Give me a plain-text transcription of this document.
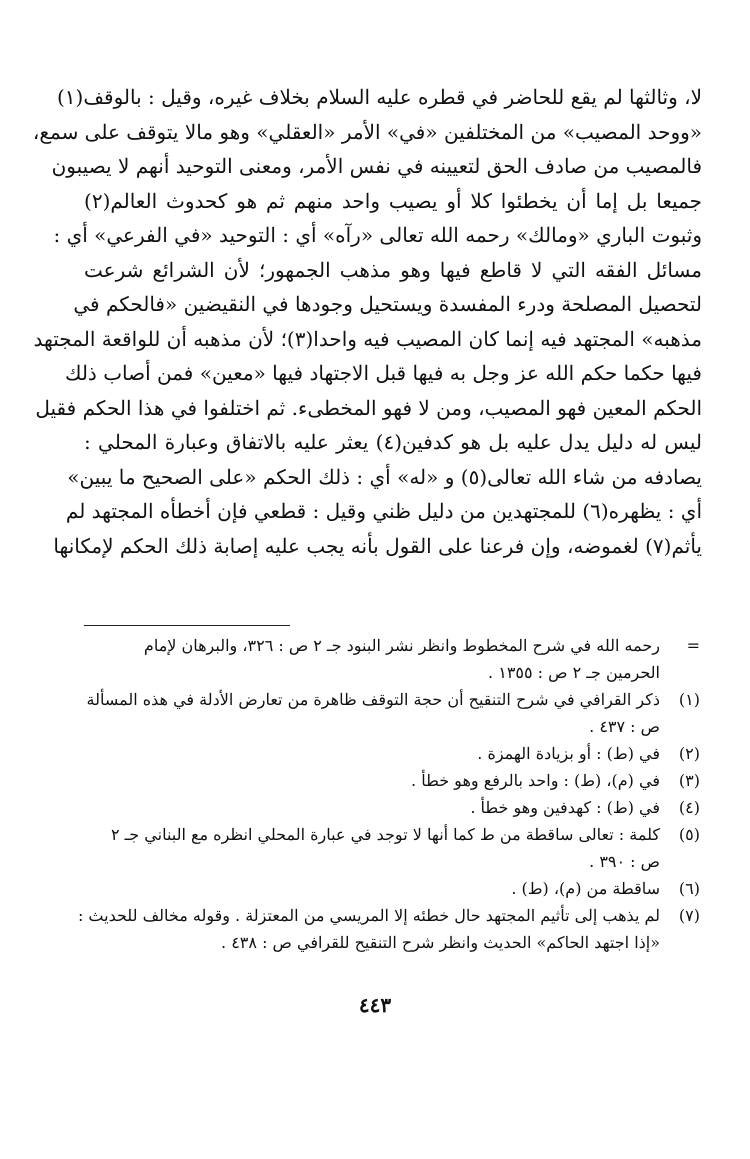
لا، وثالثها لم يقع للحاضر في قطره عليه السلام بخلاف غيره، وقيل : بالوقف(١)
«ووحد المصيب» من المختلفين «في» الأمر «العقلي» وهو مالا يتوقف على سمع،
فالمصيب من صادف الحق لتعيينه في نفس الأمر، ومعنى التوحيد أنهم لا يصيبون
جميعا بل إما أن يخطئوا كلا أو يصيب واحد منهم ثم هو كحدوث العالم(٢)
وثبوت الباري «ومالك» رحمه الله تعالى «رآه» أي : التوحيد «في الفرعي» أي :
مسائل الفقه التي لا قاطع فيها وهو مذهب الجمهور؛ لأن الشرائع شرعت
لتحصيل المصلحة ودرء المفسدة ويستحيل وجودها في النقيضين «فالحكم في
مذهبه» المجتهد فيه إنما كان المصيب فيه واحدا(٣)؛ لأن مذهبه أن للواقعة المجتهد
فيها حكما حكم الله عز وجل به فيها قبل الاجتهاد فيها «معين» فمن أصاب ذلك
الحكم المعين فهو المصيب، ومن لا فهو المخطىء. ثم اختلفوا في هذا الحكم فقيل
ليس له دليل يدل عليه بل هو كدفين(٤) يعثر عليه بالاتفاق وعبارة المحلي :
يصادفه من شاء الله تعالى(٥) و «له» أي : ذلك الحكم «على الصحيح ما يبين»
أي : يظهره(٦) للمجتهدين من دليل ظني وقيل : قطعي فإن أخطأه المجتهد لم
يأثم(٧) لغموضه، وإن فرعنا على القول بأنه يجب عليه إصابة ذلك الحكم لإمكانها
=
رحمه الله في شرح المخطوط وانظر نشر البنود جـ ٢ ص : ٣٢٦، والبرهان لإمام
الحرمين جـ ٢ ص : ١٣٥٥ .
(١)
ذكر القرافي في شرح التنقيح أن حجة التوقف ظاهرة من تعارض الأدلة في هذه المسألة
ص : ٤٣٧ .
(٢)
في (ط) : أو بزيادة الهمزة .
(٣)
في (م)، (ط) : واحد بالرفع وهو خطأ .
(٤)
في (ط) : كهدفين وهو خطأ .
(٥)
كلمة : تعالى ساقطة من ط كما أنها لا توجد في عبارة المحلي انظره مع البناني جـ ٢
ص : ٣٩٠ .
(٦)
ساقطة من (م)، (ط) .
(٧)
لم يذهب إلى تأثيم المجتهد حال خطئه إلا المريسي من المعتزلة . وقوله مخالف للحديث :
«إذا اجتهد الحاكم» الحديث وانظر شرح التنقيح للقرافي ص : ٤٣٨ .
٤٤٣
